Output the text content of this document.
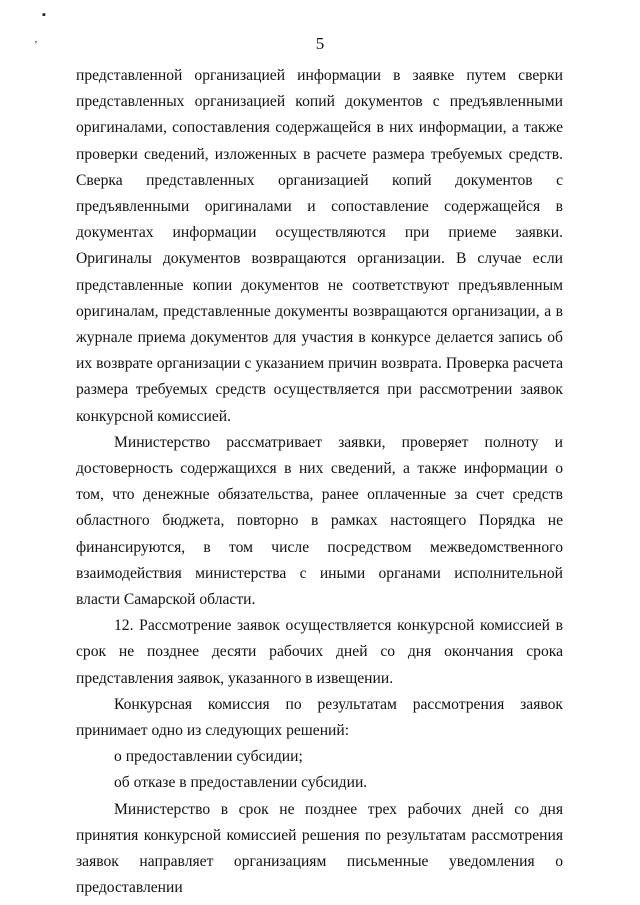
▪
ʼ	5

представленной организацией информации в заявке путем сверки представленных организацией копий документов с предъявленными оригиналами, сопоставления содержащейся в них информации, а также проверки сведений, изложенных в расчете размера требуемых средств. Сверка представленных организацией копий документов с предъявленными оригиналами и сопоставление содержащейся в документах информации осуществляются при приеме заявки. Оригиналы документов возвращаются организации. В случае если представленные копии документов не соответствуют предъявленным оригиналам, представленные документы возвращаются организации, а в журнале приема документов для участия в конкурсе делается запись об их возврате организации с указанием причин возврата. Проверка расчета размера требуемых средств осуществляется при рассмотрении заявок конкурсной комиссией.

Министерство рассматривает заявки, проверяет полноту и достоверность содержащихся в них сведений, а также информации о том, что денежные обязательства, ранее оплаченные за счет средств областного бюджета, повторно в рамках настоящего Порядка не финансируются, в том числе посредством межведомственного взаимодействия министерства с иными органами исполнительной власти Самарской области.

12. Рассмотрение заявок осуществляется конкурсной комиссией в срок не позднее десяти рабочих дней со дня окончания срока представления заявок, указанного в извещении.

Конкурсная комиссия по результатам рассмотрения заявок принимает одно из следующих решений:

о предоставлении субсидии;

об отказе в предоставлении субсидии.

Министерство в срок не позднее трех рабочих дней со дня принятия конкурсной комиссией решения по результатам рассмотрения заявок направляет организациям письменные уведомления о предоставлении
